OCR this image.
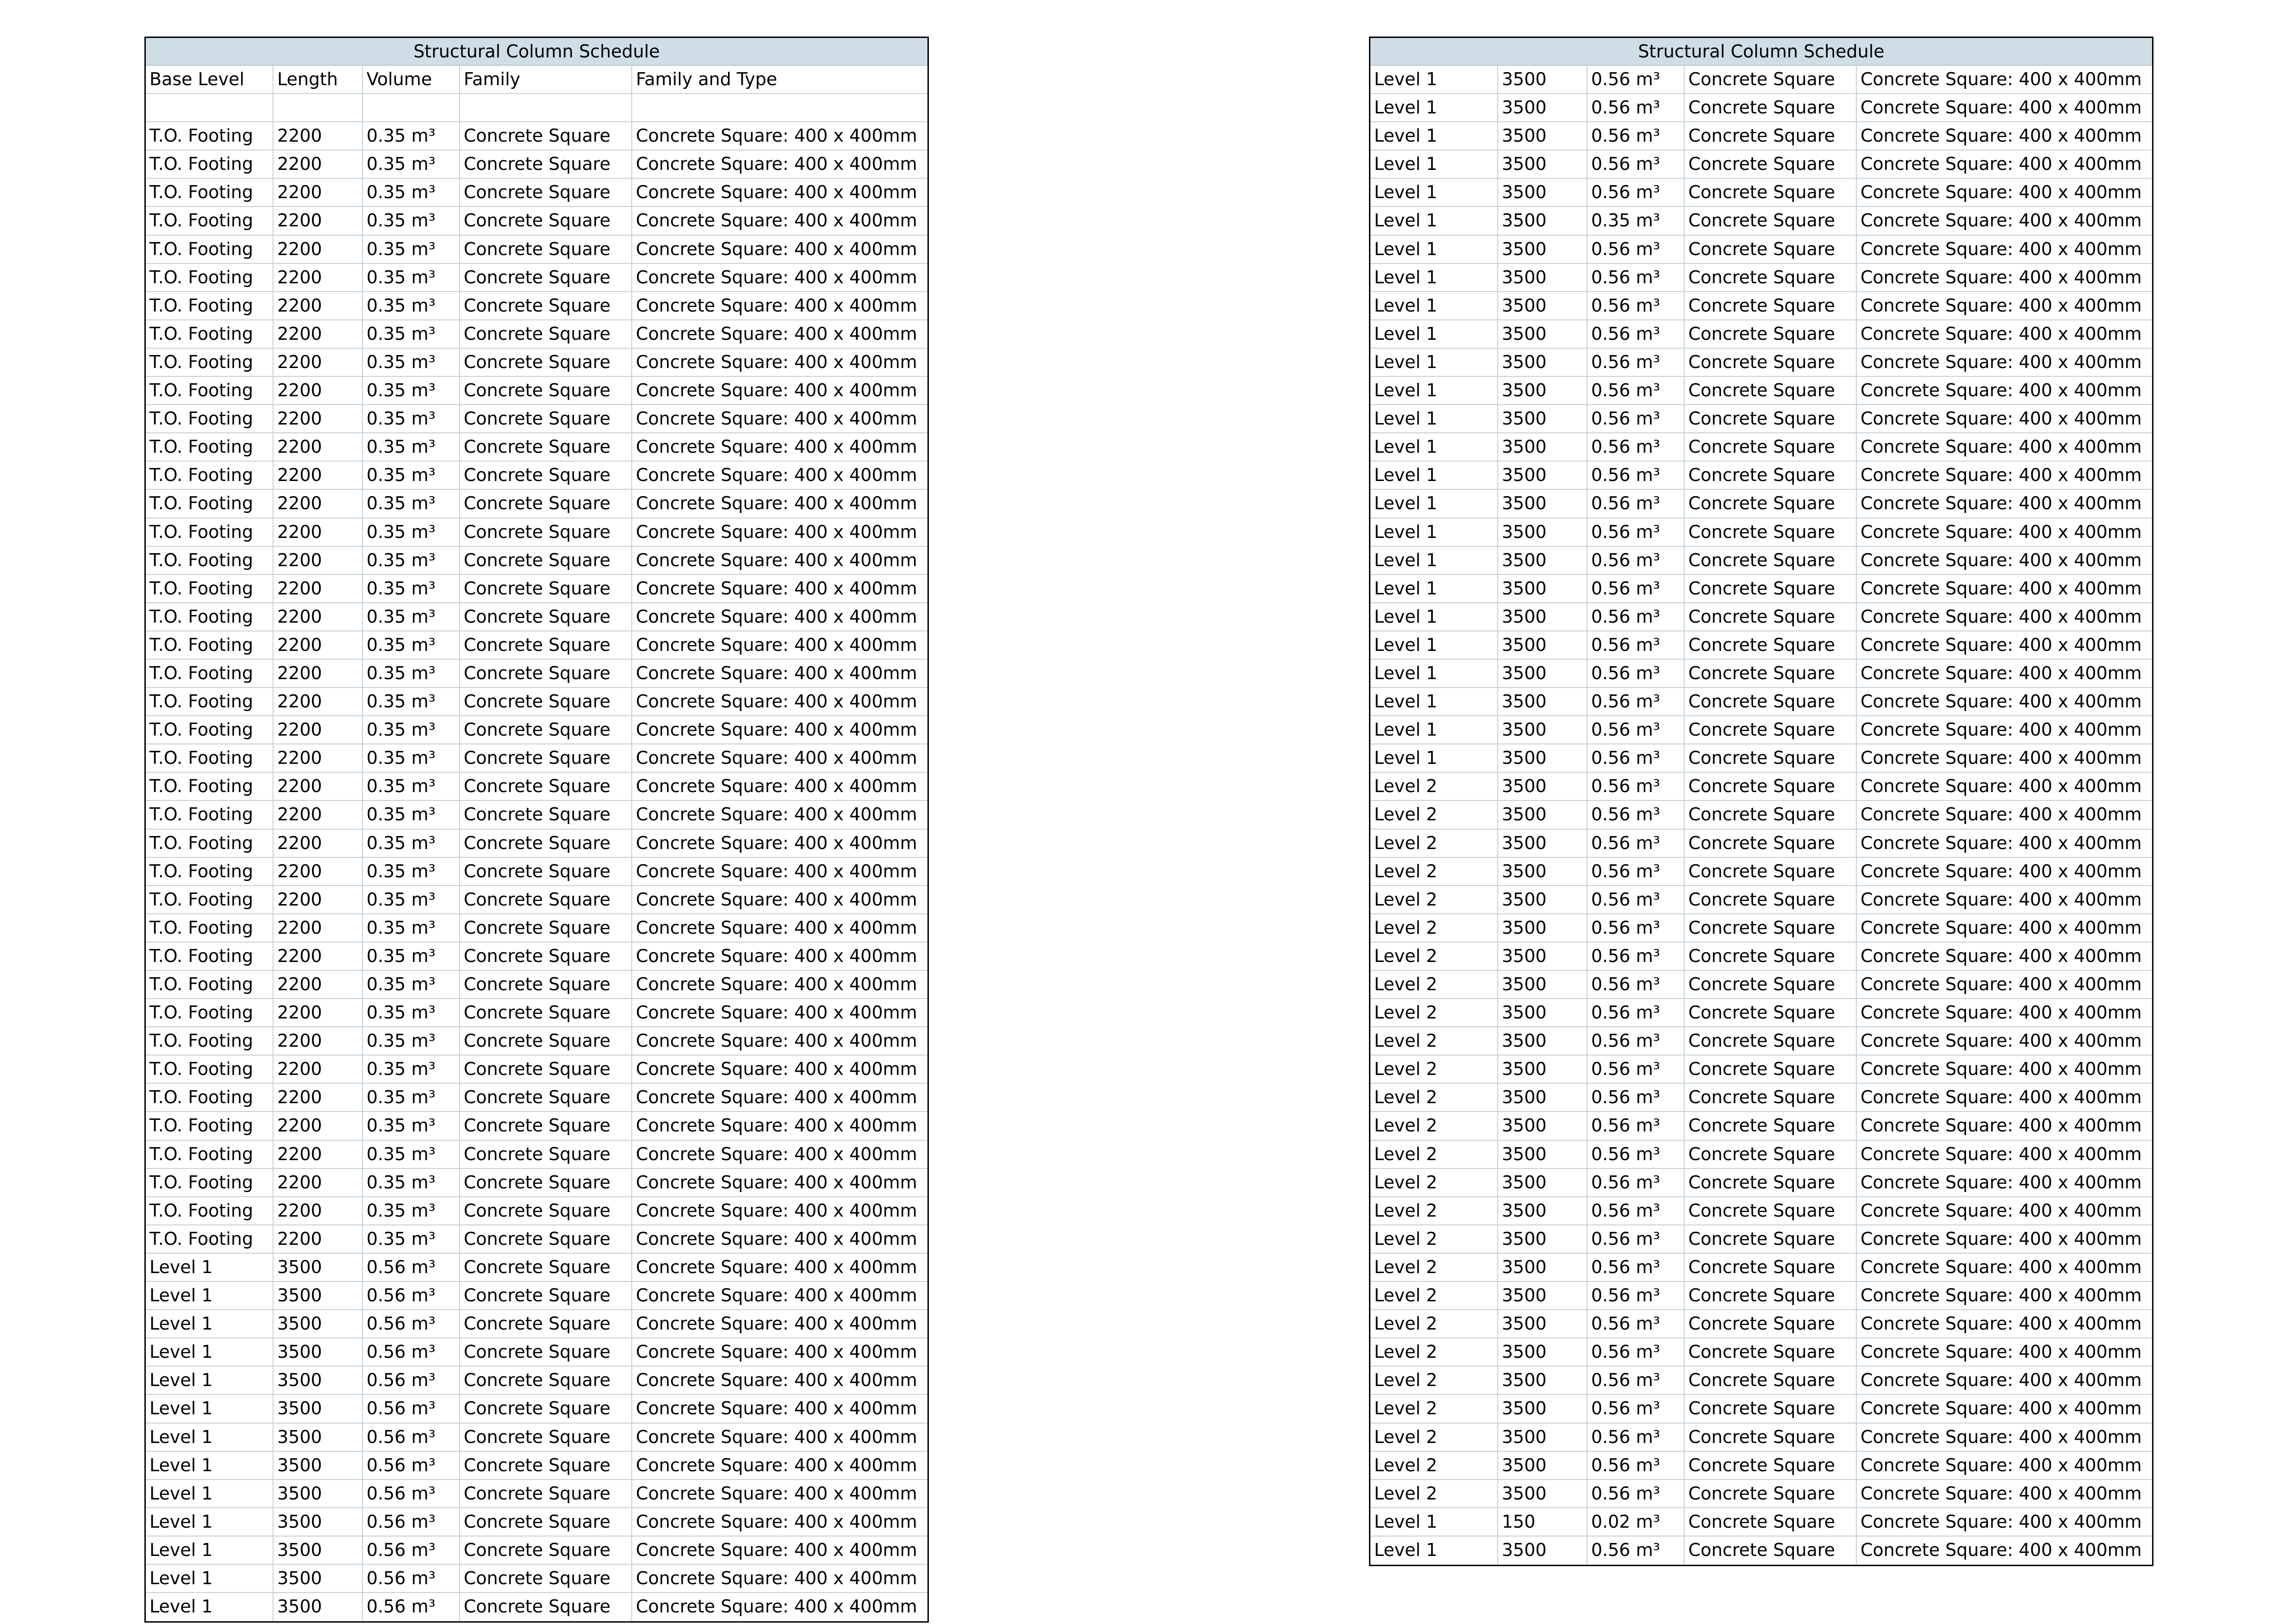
Structural Column Schedule
Base Level	Length	Volume	Family	Family and Type
T.O. Footing	2200	0.35 m³	Concrete Square	Concrete Square: 400 x 400mm
T.O. Footing	2200	0.35 m³	Concrete Square	Concrete Square: 400 x 400mm
T.O. Footing	2200	0.35 m³	Concrete Square	Concrete Square: 400 x 400mm
T.O. Footing	2200	0.35 m³	Concrete Square	Concrete Square: 400 x 400mm
T.O. Footing	2200	0.35 m³	Concrete Square	Concrete Square: 400 x 400mm
T.O. Footing	2200	0.35 m³	Concrete Square	Concrete Square: 400 x 400mm
T.O. Footing	2200	0.35 m³	Concrete Square	Concrete Square: 400 x 400mm
T.O. Footing	2200	0.35 m³	Concrete Square	Concrete Square: 400 x 400mm
T.O. Footing	2200	0.35 m³	Concrete Square	Concrete Square: 400 x 400mm
T.O. Footing	2200	0.35 m³	Concrete Square	Concrete Square: 400 x 400mm
T.O. Footing	2200	0.35 m³	Concrete Square	Concrete Square: 400 x 400mm
T.O. Footing	2200	0.35 m³	Concrete Square	Concrete Square: 400 x 400mm
T.O. Footing	2200	0.35 m³	Concrete Square	Concrete Square: 400 x 400mm
T.O. Footing	2200	0.35 m³	Concrete Square	Concrete Square: 400 x 400mm
T.O. Footing	2200	0.35 m³	Concrete Square	Concrete Square: 400 x 400mm
T.O. Footing	2200	0.35 m³	Concrete Square	Concrete Square: 400 x 400mm
T.O. Footing	2200	0.35 m³	Concrete Square	Concrete Square: 400 x 400mm
T.O. Footing	2200	0.35 m³	Concrete Square	Concrete Square: 400 x 400mm
T.O. Footing	2200	0.35 m³	Concrete Square	Concrete Square: 400 x 400mm
T.O. Footing	2200	0.35 m³	Concrete Square	Concrete Square: 400 x 400mm
T.O. Footing	2200	0.35 m³	Concrete Square	Concrete Square: 400 x 400mm
T.O. Footing	2200	0.35 m³	Concrete Square	Concrete Square: 400 x 400mm
T.O. Footing	2200	0.35 m³	Concrete Square	Concrete Square: 400 x 400mm
T.O. Footing	2200	0.35 m³	Concrete Square	Concrete Square: 400 x 400mm
T.O. Footing	2200	0.35 m³	Concrete Square	Concrete Square: 400 x 400mm
T.O. Footing	2200	0.35 m³	Concrete Square	Concrete Square: 400 x 400mm
T.O. Footing	2200	0.35 m³	Concrete Square	Concrete Square: 400 x 400mm
T.O. Footing	2200	0.35 m³	Concrete Square	Concrete Square: 400 x 400mm
T.O. Footing	2200	0.35 m³	Concrete Square	Concrete Square: 400 x 400mm
T.O. Footing	2200	0.35 m³	Concrete Square	Concrete Square: 400 x 400mm
T.O. Footing	2200	0.35 m³	Concrete Square	Concrete Square: 400 x 400mm
T.O. Footing	2200	0.35 m³	Concrete Square	Concrete Square: 400 x 400mm
T.O. Footing	2200	0.35 m³	Concrete Square	Concrete Square: 400 x 400mm
T.O. Footing	2200	0.35 m³	Concrete Square	Concrete Square: 400 x 400mm
T.O. Footing	2200	0.35 m³	Concrete Square	Concrete Square: 400 x 400mm
T.O. Footing	2200	0.35 m³	Concrete Square	Concrete Square: 400 x 400mm
T.O. Footing	2200	0.35 m³	Concrete Square	Concrete Square: 400 x 400mm
T.O. Footing	2200	0.35 m³	Concrete Square	Concrete Square: 400 x 400mm
T.O. Footing	2200	0.35 m³	Concrete Square	Concrete Square: 400 x 400mm
T.O. Footing	2200	0.35 m³	Concrete Square	Concrete Square: 400 x 400mm
Level 1	3500	0.56 m³	Concrete Square	Concrete Square: 400 x 400mm
Level 1	3500	0.56 m³	Concrete Square	Concrete Square: 400 x 400mm
Level 1	3500	0.56 m³	Concrete Square	Concrete Square: 400 x 400mm
Level 1	3500	0.56 m³	Concrete Square	Concrete Square: 400 x 400mm
Level 1	3500	0.56 m³	Concrete Square	Concrete Square: 400 x 400mm
Level 1	3500	0.56 m³	Concrete Square	Concrete Square: 400 x 400mm
Level 1	3500	0.56 m³	Concrete Square	Concrete Square: 400 x 400mm
Level 1	3500	0.56 m³	Concrete Square	Concrete Square: 400 x 400mm
Level 1	3500	0.56 m³	Concrete Square	Concrete Square: 400 x 400mm
Level 1	3500	0.56 m³	Concrete Square	Concrete Square: 400 x 400mm
Level 1	3500	0.56 m³	Concrete Square	Concrete Square: 400 x 400mm
Level 1	3500	0.56 m³	Concrete Square	Concrete Square: 400 x 400mm
Level 1	3500	0.56 m³	Concrete Square	Concrete Square: 400 x 400mm
Structural Column Schedule
Level 1	3500	0.56 m³	Concrete Square	Concrete Square: 400 x 400mm
Level 1	3500	0.56 m³	Concrete Square	Concrete Square: 400 x 400mm
Level 1	3500	0.56 m³	Concrete Square	Concrete Square: 400 x 400mm
Level 1	3500	0.56 m³	Concrete Square	Concrete Square: 400 x 400mm
Level 1	3500	0.56 m³	Concrete Square	Concrete Square: 400 x 400mm
Level 1	3500	0.35 m³	Concrete Square	Concrete Square: 400 x 400mm
Level 1	3500	0.56 m³	Concrete Square	Concrete Square: 400 x 400mm
Level 1	3500	0.56 m³	Concrete Square	Concrete Square: 400 x 400mm
Level 1	3500	0.56 m³	Concrete Square	Concrete Square: 400 x 400mm
Level 1	3500	0.56 m³	Concrete Square	Concrete Square: 400 x 400mm
Level 1	3500	0.56 m³	Concrete Square	Concrete Square: 400 x 400mm
Level 1	3500	0.56 m³	Concrete Square	Concrete Square: 400 x 400mm
Level 1	3500	0.56 m³	Concrete Square	Concrete Square: 400 x 400mm
Level 1	3500	0.56 m³	Concrete Square	Concrete Square: 400 x 400mm
Level 1	3500	0.56 m³	Concrete Square	Concrete Square: 400 x 400mm
Level 1	3500	0.56 m³	Concrete Square	Concrete Square: 400 x 400mm
Level 1	3500	0.56 m³	Concrete Square	Concrete Square: 400 x 400mm
Level 1	3500	0.56 m³	Concrete Square	Concrete Square: 400 x 400mm
Level 1	3500	0.56 m³	Concrete Square	Concrete Square: 400 x 400mm
Level 1	3500	0.56 m³	Concrete Square	Concrete Square: 400 x 400mm
Level 1	3500	0.56 m³	Concrete Square	Concrete Square: 400 x 400mm
Level 1	3500	0.56 m³	Concrete Square	Concrete Square: 400 x 400mm
Level 1	3500	0.56 m³	Concrete Square	Concrete Square: 400 x 400mm
Level 1	3500	0.56 m³	Concrete Square	Concrete Square: 400 x 400mm
Level 1	3500	0.56 m³	Concrete Square	Concrete Square: 400 x 400mm
Level 2	3500	0.56 m³	Concrete Square	Concrete Square: 400 x 400mm
Level 2	3500	0.56 m³	Concrete Square	Concrete Square: 400 x 400mm
Level 2	3500	0.56 m³	Concrete Square	Concrete Square: 400 x 400mm
Level 2	3500	0.56 m³	Concrete Square	Concrete Square: 400 x 400mm
Level 2	3500	0.56 m³	Concrete Square	Concrete Square: 400 x 400mm
Level 2	3500	0.56 m³	Concrete Square	Concrete Square: 400 x 400mm
Level 2	3500	0.56 m³	Concrete Square	Concrete Square: 400 x 400mm
Level 2	3500	0.56 m³	Concrete Square	Concrete Square: 400 x 400mm
Level 2	3500	0.56 m³	Concrete Square	Concrete Square: 400 x 400mm
Level 2	3500	0.56 m³	Concrete Square	Concrete Square: 400 x 400mm
Level 2	3500	0.56 m³	Concrete Square	Concrete Square: 400 x 400mm
Level 2	3500	0.56 m³	Concrete Square	Concrete Square: 400 x 400mm
Level 2	3500	0.56 m³	Concrete Square	Concrete Square: 400 x 400mm
Level 2	3500	0.56 m³	Concrete Square	Concrete Square: 400 x 400mm
Level 2	3500	0.56 m³	Concrete Square	Concrete Square: 400 x 400mm
Level 2	3500	0.56 m³	Concrete Square	Concrete Square: 400 x 400mm
Level 2	3500	0.56 m³	Concrete Square	Concrete Square: 400 x 400mm
Level 2	3500	0.56 m³	Concrete Square	Concrete Square: 400 x 400mm
Level 2	3500	0.56 m³	Concrete Square	Concrete Square: 400 x 400mm
Level 2	3500	0.56 m³	Concrete Square	Concrete Square: 400 x 400mm
Level 2	3500	0.56 m³	Concrete Square	Concrete Square: 400 x 400mm
Level 2	3500	0.56 m³	Concrete Square	Concrete Square: 400 x 400mm
Level 2	3500	0.56 m³	Concrete Square	Concrete Square: 400 x 400mm
Level 2	3500	0.56 m³	Concrete Square	Concrete Square: 400 x 400mm
Level 2	3500	0.56 m³	Concrete Square	Concrete Square: 400 x 400mm
Level 2	3500	0.56 m³	Concrete Square	Concrete Square: 400 x 400mm
Level 1	150	0.02 m³	Concrete Square	Concrete Square: 400 x 400mm
Level 1	3500	0.56 m³	Concrete Square	Concrete Square: 400 x 400mm
